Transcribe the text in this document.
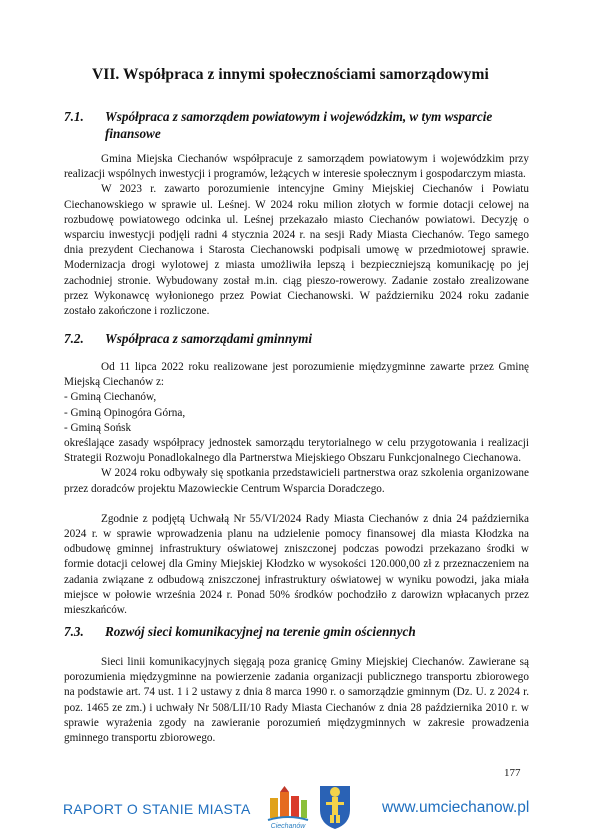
VII. Współpraca z innymi społecznościami samorządowymi
7.1. Współpraca z samorządem powiatowym i wojewódzkim, w tym wsparcie
finansowe

Gmina Miejska Ciechanów współpracuje z samorządem powiatowym i wojewódzkim przy realizacji wspólnych inwestycji i programów, leżących w interesie społecznym i gospodarczym miasta.

W 2023 r. zawarto porozumienie intencyjne Gminy Miejskiej Ciechanów i Powiatu Ciechanowskiego w sprawie ul. Leśnej. W 2024 roku milion złotych w formie dotacji celowej na rozbudowę powiatowego odcinka ul. Leśnej przekazało miasto Ciechanów powiatowi. Decyzję o wsparciu inwestycji podjęli radni 4 stycznia 2024 r. na sesji Rady Miasta Ciechanów. Tego samego dnia prezydent Ciechanowa i Starosta Ciechanowski podpisali umowę w przedmiotowej sprawie. Modernizacja drogi wylotowej z miasta umożliwiła lepszą i bezpieczniejszą komunikację po jej zachodniej stronie. Wybudowany został m.in. ciąg pieszo-rowerowy. Zadanie zostało zrealizowane przez Wykonawcę wyłonionego przez Powiat Ciechanowski. W październiku 2024 roku zadanie zostało zakończone i rozliczone.

7.2. Współpraca z samorządami gminnymi

Od 11 lipca 2022 roku realizowane jest porozumienie międzygminne zawarte przez Gminę Miejską Ciechanów z:

- Gminą Ciechanów,

- Gminą Opinogóra Górna,

- Gminą Sońsk

określające zasady współpracy jednostek samorządu terytorialnego w celu przygotowania i realizacji Strategii Rozwoju Ponadlokalnego dla Partnerstwa Miejskiego Obszaru Funkcjonalnego Ciechanowa.

W 2024 roku odbywały się spotkania przedstawicieli partnerstwa oraz szkolenia organizowane przez doradców projektu Mazowieckie Centrum Wsparcia Doradczego.

Zgodnie z podjętą Uchwałą Nr 55/VI/2024 Rady Miasta Ciechanów z dnia 24 października 2024 r. w sprawie wprowadzenia planu na udzielenie pomocy finansowej dla miasta Kłodzka na odbudowę gminnej infrastruktury oświatowej zniszczonej podczas powodzi przekazano środki w formie dotacji celowej dla Gminy Miejskiej Kłodzko w wysokości 120.000,00 zł z przeznaczeniem na zadania związane z odbudową zniszczonej infrastruktury oświatowej w wyniku powodzi, jaka miała miejsce w połowie września 2024 r. Ponad 50% środków pochodziło z darowizn wpłacanych przez mieszkańców.

7.3. Rozwój sieci komunikacyjnej na terenie gmin ościennych

Sieci linii komunikacyjnych sięgają poza granicę Gminy Miejskiej Ciechanów. Zawierane są porozumienia międzygminne na powierzenie zadania organizacji publicznego transportu zbiorowego na podstawie art. 74 ust. 1 i 2 ustawy z dnia 8 marca 1990 r. o samorządzie gminnym (Dz. U. z 2024 r. poz. 1465 ze zm.) i uchwały Nr 508/LII/10 Rady Miasta Ciechanów z dnia 28 października 2010 r. w sprawie wyrażenia zgody na zawieranie porozumień międzygminnych w zakresie prowadzenia gminnego transportu zbiorowego.

177
RAPORT O STANIE MIASTA
Ciechanów
www.umciechanow.pl
